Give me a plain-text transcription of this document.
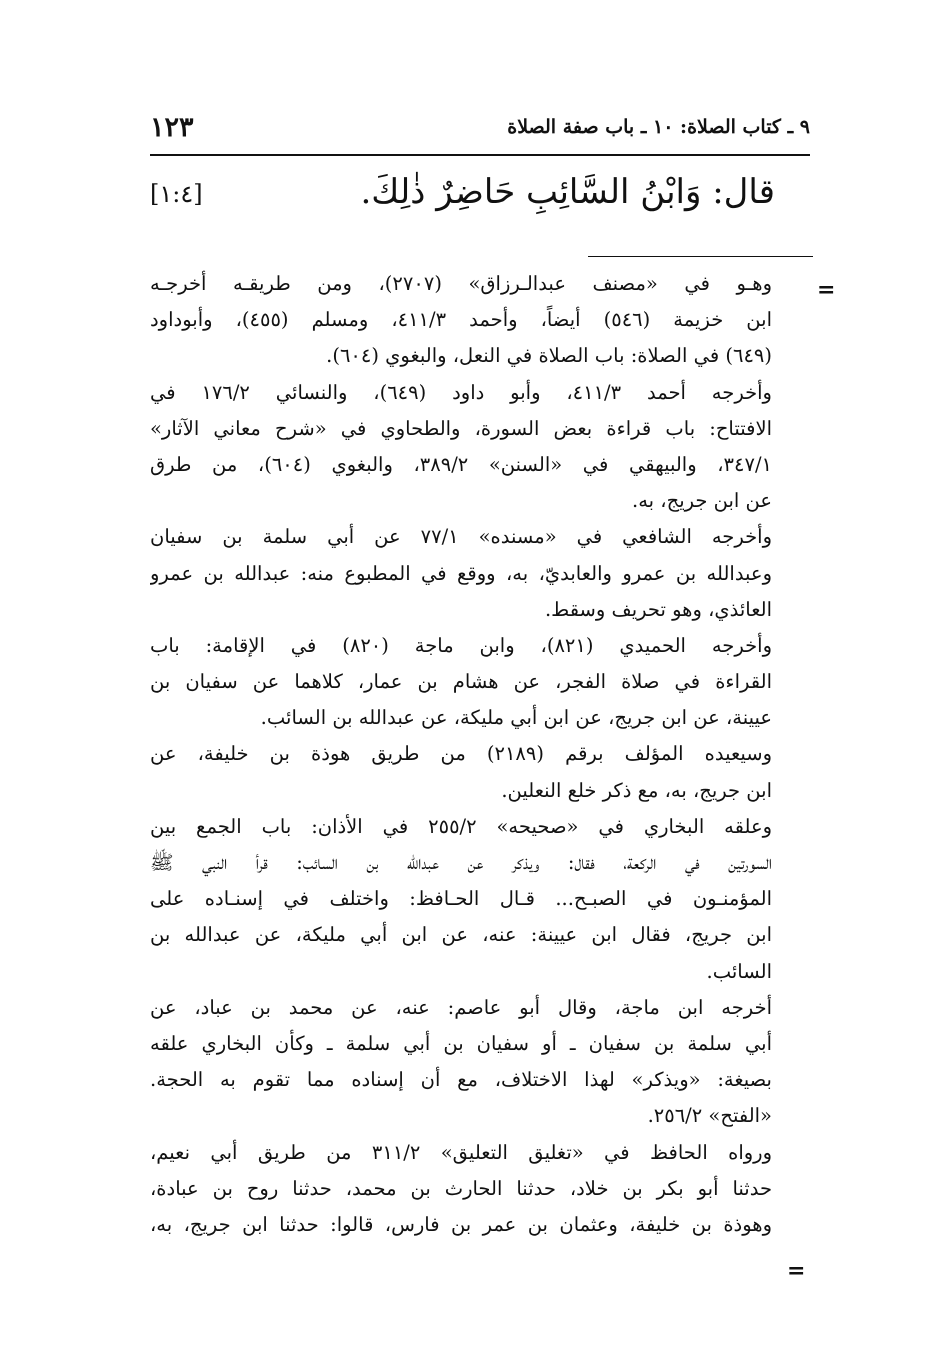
٩ ـ كتاب الصلاة: ١٠ ـ باب صفة الصلاة
١٢٣
قال: وَابْنُ السَّائِبِ حَاضِرٌ ذٰلِكَ.
[١:٤]
=
وهـو في «مصنف عبدالـرزاق» (٢٧٠٧)، ومن طريقـه أخرجـه
ابن خزيمة (٥٤٦) أيضاً، وأحمد ٤١١/٣، ومسلم (٤٥٥)، وأبوداود
(٦٤٩) في الصلاة: باب الصلاة في النعل، والبغوي (٦٠٤).
وأخرجه أحمد ٤١١/٣، وأبو داود (٦٤٩)، والنسائي ١٧٦/٢ في
الافتتاح: باب قراءة بعض السورة، والطحاوي في «شرح معاني الآثار»
٣٤٧/١، والبيهقي في «السنن» ٣٨٩/٢، والبغوي (٦٠٤)، من طرق
عن ابن جريج، به.
وأخرجه الشافعي في «مسنده» ٧٧/١ عن أبي سلمة بن سفيان
وعبدالله بن عمرو والعابديّ، به، ووقع في المطبوع منه: عبدالله بن عمرو
العائذي، وهو تحريف وسقط.
وأخرجه الحميدي (٨٢١)، وابن ماجة (٨٢٠) في الإقامة: باب
القراءة في صلاة الفجر، عن هشام بن عمار، كلاهما عن سفيان بن
عيينة، عن ابن جريج، عن ابن أبي مليكة، عن عبدالله بن السائب.
وسيعيده المؤلف برقم (٢١٨٩) من طريق هوذة بن خليفة، عن
ابن جريج، به، مع ذكر خلع النعلين.
وعلقه البخاري في «صحيحه» ٢٥٥/٢ في الأذان: باب الجمع بين
السورتين في الركعة، فقال: ويذكر عن عبدالله بن السائب: قرأ النبي ﷺ
المؤمنـون في الصبـح... قـال الحـافظ: واختلف في إسنـاده على
ابن جريج، فقال ابن عيينة: عنه، عن ابن أبي مليكة، عن عبدالله بن
السائب.
أخرجه ابن ماجة، وقال أبو عاصم: عنه، عن محمد بن عباد، عن
أبي سلمة بن سفيان ـ أو سفيان بن أبي سلمة ـ وكأن البخاري علقه
بصيغة: «ويذكر» لهذا الاختلاف، مع أن إسناده مما تقوم به الحجة.
«الفتح» ٢٥٦/٢.
ورواه الحافظ في «تغليق التعليق» ٣١١/٢ من طريق أبي نعيم،
حدثنا أبو بكر بن خلاد، حدثنا الحارث بن محمد، حدثنا روح بن عبادة،
وهوذة بن خليفة، وعثمان بن عمر بن فارس، قالوا: حدثنا ابن جريج، به،
=
